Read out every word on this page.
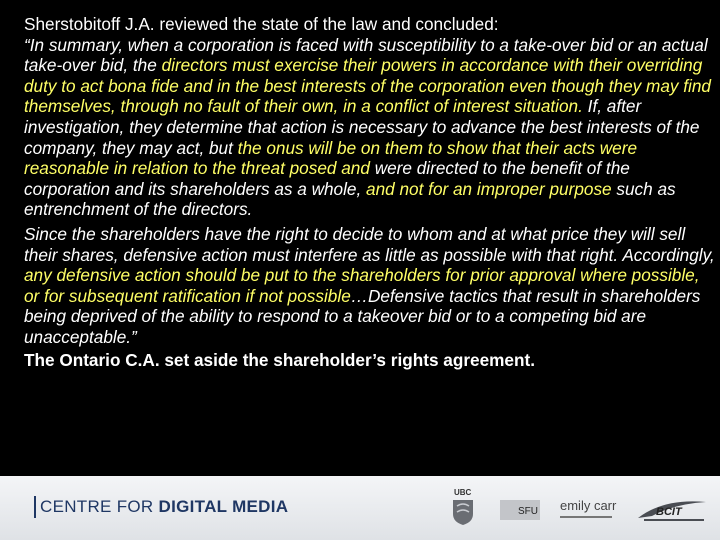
Sherstobitoff J.A. reviewed the state of the law and concluded:

“In summary, when a corporation is faced with susceptibility to a take-over bid or an actual take-over bid, the directors must exercise their powers in accordance with their overriding duty to act bona fide and in the best interests of the corporation even though they may find themselves, through no fault of their own, in a conflict of interest situation. If, after investigation, they determine that action is necessary to advance the best interests of the company, they may act, but the onus will be on them to show that their acts were reasonable in relation to the threat posed and were directed to the benefit of the corporation and its shareholders as a whole, and not for an improper purpose such as entrenchment of the directors.

Since the shareholders have the right to decide to whom and at what price they will sell their shares, defensive action must interfere as little as possible with that right. Accordingly, any defensive action should be put to the shareholders for prior approval where possible, or for subsequent ratification if not possible…Defensive tactics that result in shareholders being deprived of the ability to respond to a takeover bid or to a competing bid are unacceptable.”

The Ontario C.A. set aside the shareholder’s rights agreement.

CENTRE FOR DIGITAL MEDIA
UBC
SFU emily carr	BCIT
